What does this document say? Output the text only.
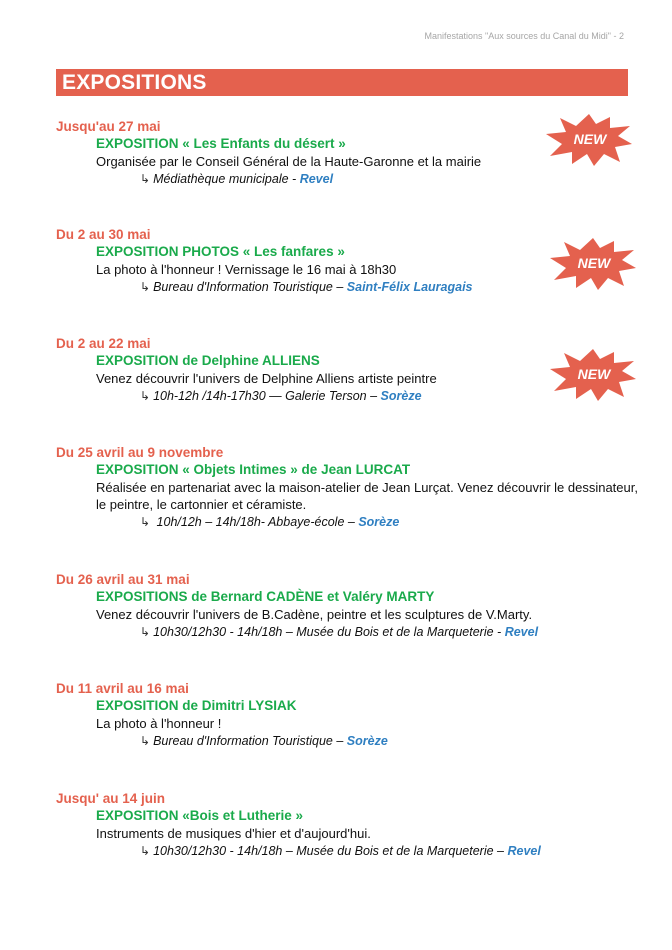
Manifestations "Aux sources du Canal du Midi" - 2
EXPOSITIONS
Jusqu'au 27 mai
EXPOSITION « Les Enfants du désert »
Organisée par le Conseil Général de la Haute-Garonne et la mairie
↳ Médiathèque municipale - Revel
Du 2 au 30 mai
EXPOSITION PHOTOS « Les fanfares »
La photo à l'honneur ! Vernissage le 16 mai à 18h30
↳ Bureau d'Information Touristique – Saint-Félix Lauragais
Du 2 au 22 mai
EXPOSITION de Delphine ALLIENS
Venez découvrir l'univers de Delphine Alliens artiste peintre
↳ 10h-12h /14h-17h30 — Galerie Terson – Sorèze
Du 25 avril au 9 novembre
EXPOSITION « Objets Intimes » de Jean LURCAT
Réalisée en partenariat avec la maison-atelier de Jean Lurçat. Venez découvrir le dessinateur, le peintre, le cartonnier et céramiste.
↳ 10h/12h – 14h/18h- Abbaye-école – Sorèze
Du 26 avril au 31 mai
EXPOSITIONS de Bernard CADÈNE et Valéry MARTY
Venez découvrir l'univers de B.Cadène, peintre et les sculptures de V.Marty.
↳ 10h30/12h30 - 14h/18h – Musée du Bois et de la Marqueterie - Revel
Du 11 avril au 16 mai
EXPOSITION de Dimitri LYSIAK
La photo à l'honneur !
↳ Bureau d'Information Touristique – Sorèze
Jusqu' au 14 juin
EXPOSITION «Bois et Lutherie »
Instruments de musiques d'hier et d'aujourd'hui.
↳ 10h30/12h30 - 14h/18h – Musée du Bois et de la Marqueterie – Revel
NEW
NEW
NEW
